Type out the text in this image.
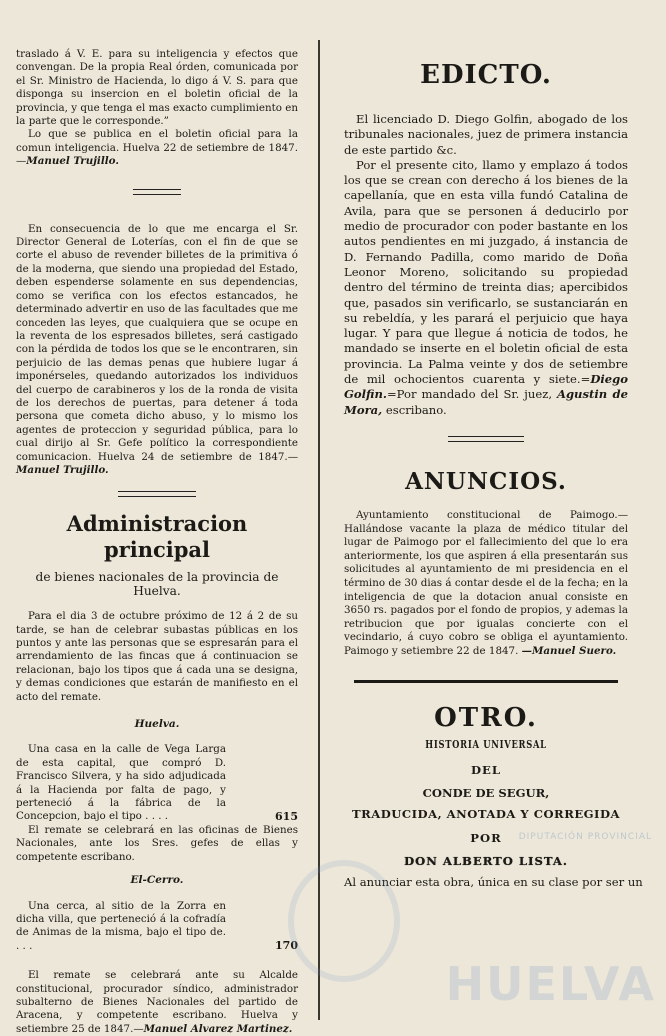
traslado á V. E. para su inteligencia y efectos que convengan. De la propia Real órden, comunicada por el Sr. Ministro de Hacienda, lo digo á V. S. para que disponga su insercion en el boletin oficial de la provincia, y que tenga el mas exacto cumplimiento en la parte que le corresponde.”

Lo que se publica en el boletin oficial para la comun inteligencia. Huelva 22 de setiembre de 1847.—Manuel Trujillo.

En consecuencia de lo que me encarga el Sr. Director General de Loterías, con el fin de que se corte el abuso de revender billetes de la primitiva ó de la moderna, que siendo una propiedad del Estado, deben espenderse solamente en sus dependencias, como se verifica con los efectos estancados, he determinado advertir en uso de las facultades que me conceden las leyes, que cualquiera que se ocupe en la reventa de los espresados billetes, será castigado con la pérdida de todos los que se le encontraren, sin perjuicio de las demas penas que hubiere lugar á imponérseles, quedando autorizados los individuos del cuerpo de carabineros y los de la ronda de visita de los derechos de puertas, para detener á toda persona que cometa dicho abuso, y lo mismo los agentes de proteccion y seguridad pública, para lo cual dirijo al Sr. Gefe político la correspondiente comunicacion. Huelva 24 de setiembre de 1847.—Manuel Trujillo.

Administracion principal

de bienes nacionales de la provincia de Huelva.

Para el dia 3 de octubre próximo de 12 á 2 de su tarde, se han de celebrar subastas públicas en los puntos y ante las personas que se espresarán para el arrendamiento de las fincas que á continuacion se relacionan, bajo los tipos que á cada una se designa, y demas condiciones que estarán de manifiesto en el acto del remate.

Huelva.

Una casa en la calle de Vega Larga de esta capital, que compró D. Francisco Silvera, y ha sido adjudicada á la Hacienda por falta de pago, y perteneció á la fábrica de la Concepcion, bajo el tipo . . . .	615

El remate se celebrará en las oficinas de Bienes Nacionales, ante los Sres. gefes de ellas y competente escribano.

El-Cerro.

Una cerca, al sitio de la Zorra en dicha villa, que perteneció á la cofradía de Animas de la misma, bajo el tipo de. . . .	170

El remate se celebrará ante su Alcalde constitucional, procurador síndico, administrador subalterno de Bienes Nacionales del partido de Aracena, y competente escribano. Huelva y setiembre 25 de 1847.—Manuel Alvarez Martinez.

EDICTO.

El licenciado D. Diego Golfin, abogado de los tribunales nacionales, juez de primera instancia de este partido &c.

Por el presente cito, llamo y emplazo á todos los que se crean con derecho á los bienes de la capellanía, que en esta villa fundó Catalina de Avila, para que se personen á deducirlo por medio de procurador con poder bastante en los autos pendientes en mi juzgado, á instancia de D. Fernando Padilla, como marido de Doña Leonor Moreno, solicitando su propiedad dentro del término de treinta dias; apercibidos que, pasados sin verificarlo, se sustanciarán en su rebeldía, y les parará el perjuicio que haya lugar. Y para que llegue á noticia de todos, he mandado se inserte en el boletin oficial de esta provincia. La Palma veinte y dos de setiembre de mil ochocientos cuarenta y siete.=Diego Golfin.=Por mandado del Sr. juez, Agustin de Mora, escribano.

ANUNCIOS.

Ayuntamiento constitucional de Paimogo.—Hallándose vacante la plaza de médico titular del lugar de Paimogo por el fallecimiento del que lo era anteriormente, los que aspiren á ella presentarán sus solicitudes al ayuntamiento de mi presidencia en el término de 30 dias á contar desde el de la fecha; en la inteligencia de que la dotacion anual consiste en 3650 rs. pagados por el fondo de propios, y ademas la retribucion que por igualas concierte con el vecindario, á cuyo cobro se obliga el ayuntamiento. Paimogo y setiembre 22 de 1847. —Manuel Suero.

OTRO.

HISTORIA UNIVERSAL

DEL

CONDE DE SEGUR,

TRADUCIDA, ANOTADA Y CORREGIDA

POR

DON ALBERTO LISTA.

Al anunciar esta obra, única en su clase por ser un

DIPUTACIÓN PROVINCIAL
HUELVA
